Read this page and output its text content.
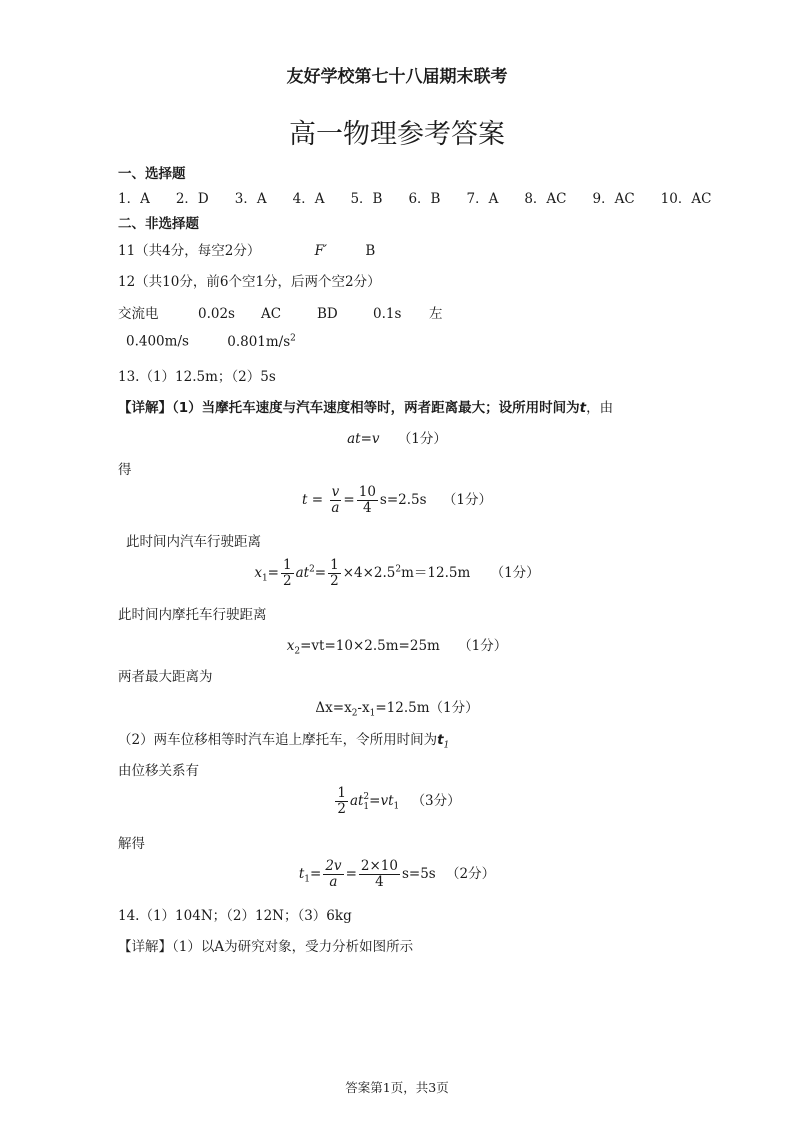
友好学校第七十八届期末联考
高一物理参考答案
一、选择题
1．A 2．D 3．A 4．A 5．B 6．B 7．A 8．AC 9．AC 10．AC
二、非选择题
11（共4分，每空2分）	F′	B
12（共10分，前6个空1分，后两个空2分）
交流电	0.02s AC	BD	0.1s 左
0.400m/s	$0.801m/s^2$
13.（1）12.5m；（2）5s
【详解】（1）当摩托车速度与汽车速度相等时，两者距离最大；设所用时间为t，由
at=v （1分）
得
$t = \frac{v}{a} = \frac{10}{4} s=2.5s$ （1分）
此时间内汽车行驶距离
$x_1= \frac{1}{2} at^2= \frac{1}{2} \times 4\times 2.5^2m=12.5m$ （1分）
此时间内摩托车行驶距离
$x_2=vt=10\times 2.5m=25m$ （1分）
两者最大距离为
$\Delta x=x_2-x_1=12.5m(1$分）
（2）两车位移相等时汽车追上摩托车，令所用时间为$t_1$
由位移关系有
$\frac{1}{2}$ at 2
$1 =vt_1$ （3分）
解得
$t_1= \frac{2v}{a} = \frac{2\times 10}{4} s=5s$ （2分）
14.（1）104N；（2）12N；（3）6kg
【详解】（1）以A为研究对象，受力分析如图所示
答案第1页，共3页
